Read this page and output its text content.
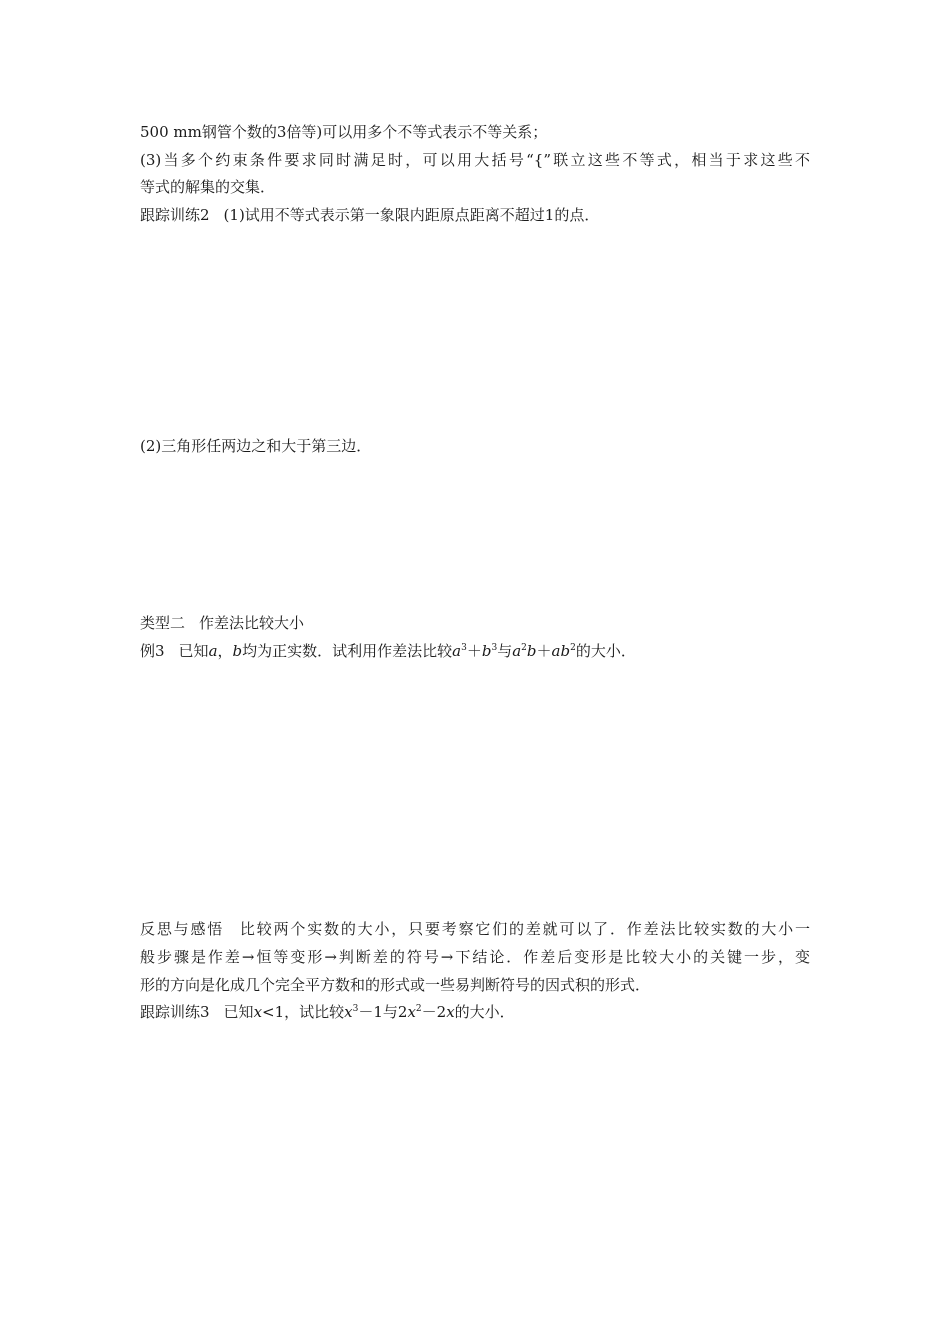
500 mm钢管个数的3倍等)可以用多个不等式表示不等关系；
(3)当多个约束条件要求同时满足时，可以用大括号“{”联立这些不等式，相当于求这些不
等式的解集的交集．
跟踪训练2 (1)试用不等式表示第一象限内距原点距离不超过1的点．
(2)三角形任两边之和大于第三边．
类型二 作差法比较大小
例3 已知a，b均为正实数．试利用作差法比较$a^3+b^3$与$a^2b+ab^2$的大小．
反思与感悟 比较两个实数的大小，只要考察它们的差就可以了．作差法比较实数的大小一
般步骤是作差→恒等变形→判断差的符号→下结论．作差后变形是比较大小的关键一步，变
形的方向是化成几个完全平方数和的形式或一些易判断符号的因式积的形式．
跟踪训练3 已知x<1，试比较$x^3-1$与$2x^2-2x$的大小．
